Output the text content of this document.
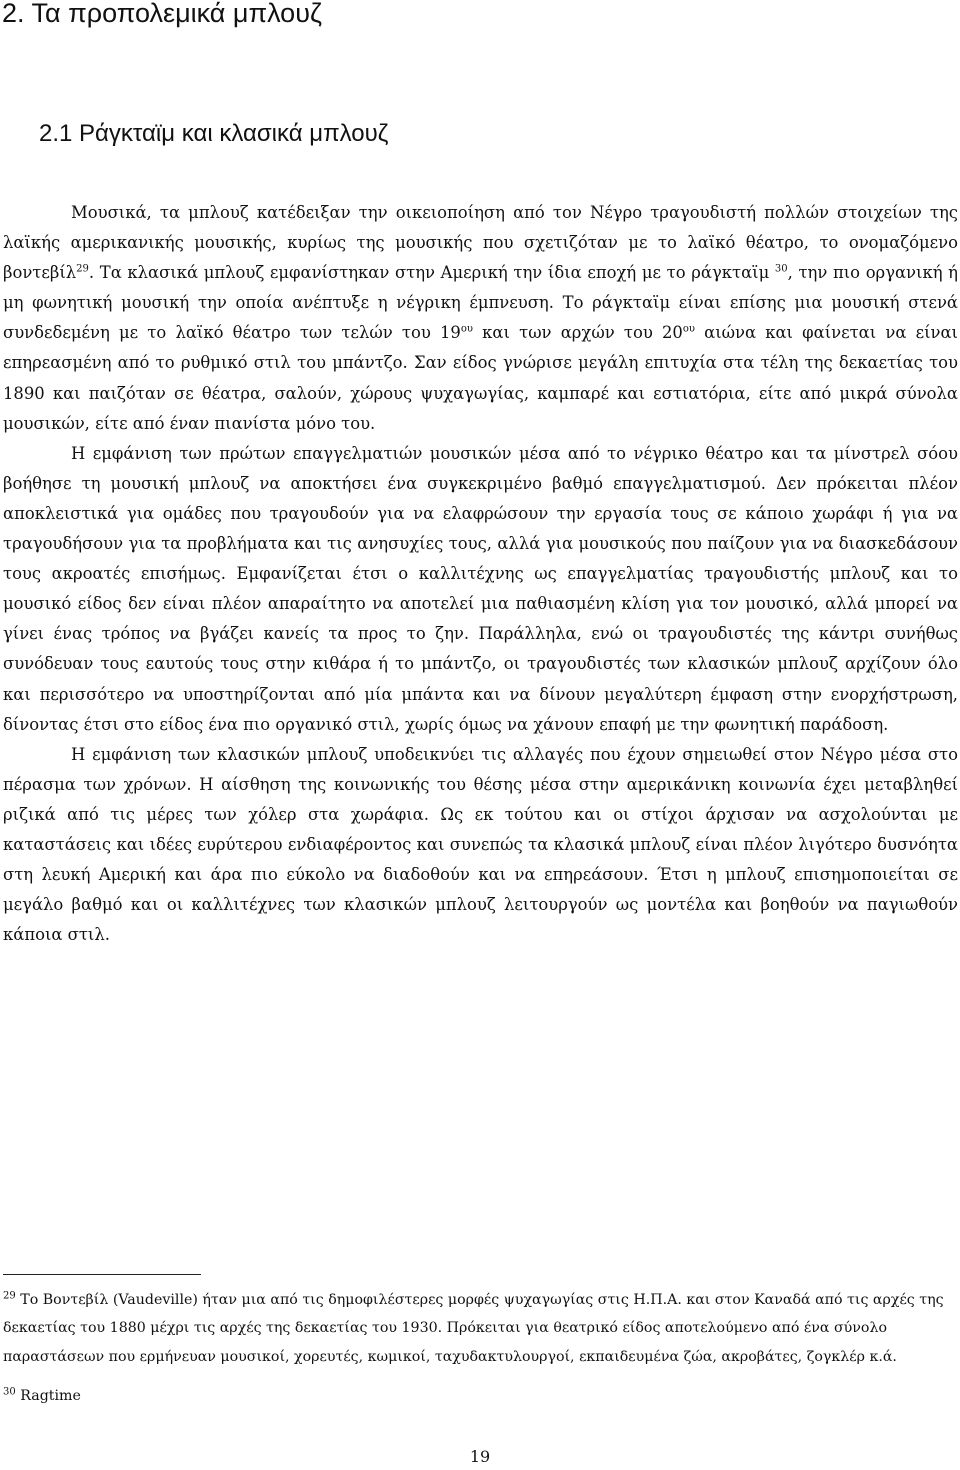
2. Τα προπολεμικά μπλουζ
2.1 Ράγκταϊμ και κλασικά μπλουζ

Μουσικά, τα μπλουζ κατέδειξαν την οικειοποίηση από τον Νέγρο τραγουδιστή πολλών στοιχείων της λαϊκής αμερικανικής μουσικής, κυρίως της μουσικής που σχετιζόταν με το λαϊκό θέατρο, το ονομαζόμενο βοντεβίλ$^{29}$. Τα κλασικά μπλουζ εμφανίστηκαν στην Αμερική την ίδια εποχή με το ράγκταϊμ $^{30}$, την πιο οργανική ή μη φωνητική μουσική την οποία ανέπτυξε η νέγρικη έμπνευση. Το ράγκταϊμ είναι επίσης μια μουσική στενά συνδεδεμένη με το λαϊκό θέατρο των τελών του $19^{o\upsilon}$ και των αρχών του $20^{o\upsilon}$ αιώνα και φαίνεται να είναι επηρεασμένη από το ρυθμικό στιλ του μπάντζο. Σαν είδος γνώρισε μεγάλη επιτυχία στα τέλη της δεκαετίας του 1890 και παιζόταν σε θέατρα, σαλούν, χώρους ψυχαγωγίας, καμπαρέ και εστιατόρια, είτε από μικρά σύνολα μουσικών, είτε από έναν πιανίστα μόνο του.

Η εμφάνιση των πρώτων επαγγελματιών μουσικών μέσα από το νέγρικο θέατρο και τα μίνστρελ σόου βοήθησε τη μουσική μπλουζ να αποκτήσει ένα συγκεκριμένο βαθμό επαγγελματισμού. Δεν πρόκειται πλέον αποκλειστικά για ομάδες που τραγουδούν για να ελαφρώσουν την εργασία τους σε κάποιο χωράφι ή για να τραγουδήσουν για τα προβλήματα και τις ανησυχίες τους, αλλά για μουσικούς που παίζουν για να διασκεδάσουν τους ακροατές επισήμως. Εμφανίζεται έτσι ο καλλιτέχνης ως επαγγελματίας τραγουδιστής μπλουζ και το μουσικό είδος δεν είναι πλέον απαραίτητο να αποτελεί μια παθιασμένη κλίση για τον μουσικό, αλλά μπορεί να γίνει ένας τρόπος να βγάζει κανείς τα προς το ζην. Παράλληλα, ενώ οι τραγουδιστές της κάντρι συνήθως συνόδευαν τους εαυτούς τους στην κιθάρα ή το μπάντζο, οι τραγουδιστές των κλασικών μπλουζ αρχίζουν όλο και περισσότερο να υποστηρίζονται από μία μπάντα και να δίνουν μεγαλύτερη έμφαση στην ενορχήστρωση, δίνοντας έτσι στο είδος ένα πιο οργανικό στιλ, χωρίς όμως να χάνουν επαφή με την φωνητική παράδοση.

Η εμφάνιση των κλασικών μπλουζ υποδεικνύει τις αλλαγές που έχουν σημειωθεί στον Νέγρο μέσα στο πέρασμα των χρόνων. Η αίσθηση της κοινωνικής του θέσης μέσα στην αμερικάνικη κοινωνία έχει μεταβληθεί ριζικά από τις μέρες των χόλερ στα χωράφια. Ως εκ τούτου και οι στίχοι άρχισαν να ασχολούνται με καταστάσεις και ιδέες ευρύτερου ενδιαφέροντος και συνεπώς τα κλασικά μπλουζ είναι πλέον λιγότερο δυσνόητα στη λευκή Αμερική και άρα πιο εύκολο να διαδοθούν και να επηρεάσουν. Έτσι η μπλουζ επισημοποιείται σε μεγάλο βαθμό και οι καλλιτέχνες των κλασικών μπλουζ λειτουργούν ως μοντέλα και βοηθούν να παγιωθούν κάποια στιλ.

$^{29}$ Το Βοντεβίλ (Vaudeville) ήταν μια από τις δημοφιλέστερες μορφές ψυχαγωγίας στις Η.Π.Α. και στον Καναδά από τις αρχές της δεκαετίας του 1880 μέχρι τις αρχές της δεκαετίας του 1930. Πρόκειται για θεατρικό είδος αποτελούμενο από ένα σύνολο παραστάσεων που ερμήνευαν μουσικοί, χορευτές, κωμικοί, ταχυδακτυλουργοί, εκπαιδευμένα ζώα, ακροβάτες, ζογκλέρ κ.ά.

$^{30}$ Ragtime

19
